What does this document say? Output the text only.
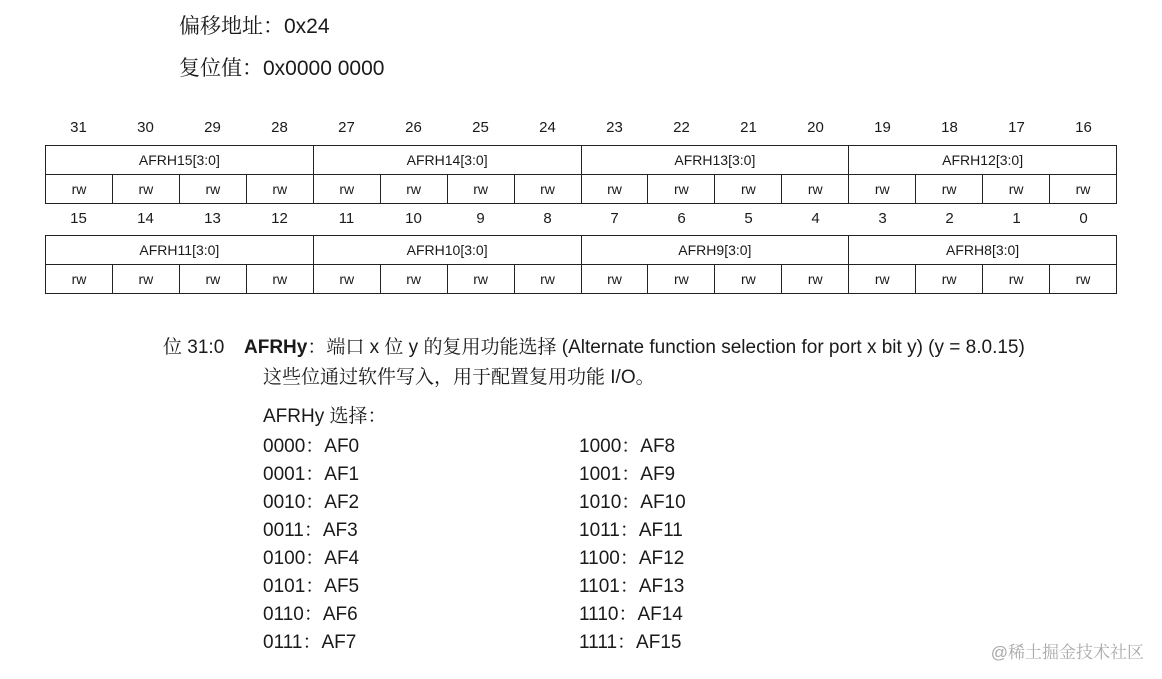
偏移地址：0x24
复位值：0x0000 0000
31	30	29	28	27	26	25	24	23	22	21	20	19	18	17	16
AFRH15[3:0]				AFRH14[3:0]				AFRH13[3:0]				AFRH12[3:0]			
rw	rw	rw	rw	rw	rw	rw	rw	rw	rw	rw	rw	rw	rw	rw	rw
15	14	13	12	11	10	9	8	7	6	5	4	3	2	1	0
AFRH11[3:0]				AFRH10[3:0]				AFRH9[3:0]				AFRH8[3:0]			
rw	rw	rw	rw	rw	rw	rw	rw	rw	rw	rw	rw	rw	rw	rw	rw
位 31:0 AFRHy：端口 x 位 y 的复用功能选择 (Alternate function selection for port x bit y) (y = 8.0.15)
这些位通过软件写入，用于配置复用功能 I/O。
AFRHy 选择：
0000：AF0
0001：AF1
0010：AF2
0011：AF3
0100：AF4
0101：AF5
0110：AF6
0111：AF7
1000：AF8
1001：AF9
1010：AF10
1011：AF11
1100：AF12
1101：AF13
1110：AF14
1111：AF15	@稀土掘金技术社区
